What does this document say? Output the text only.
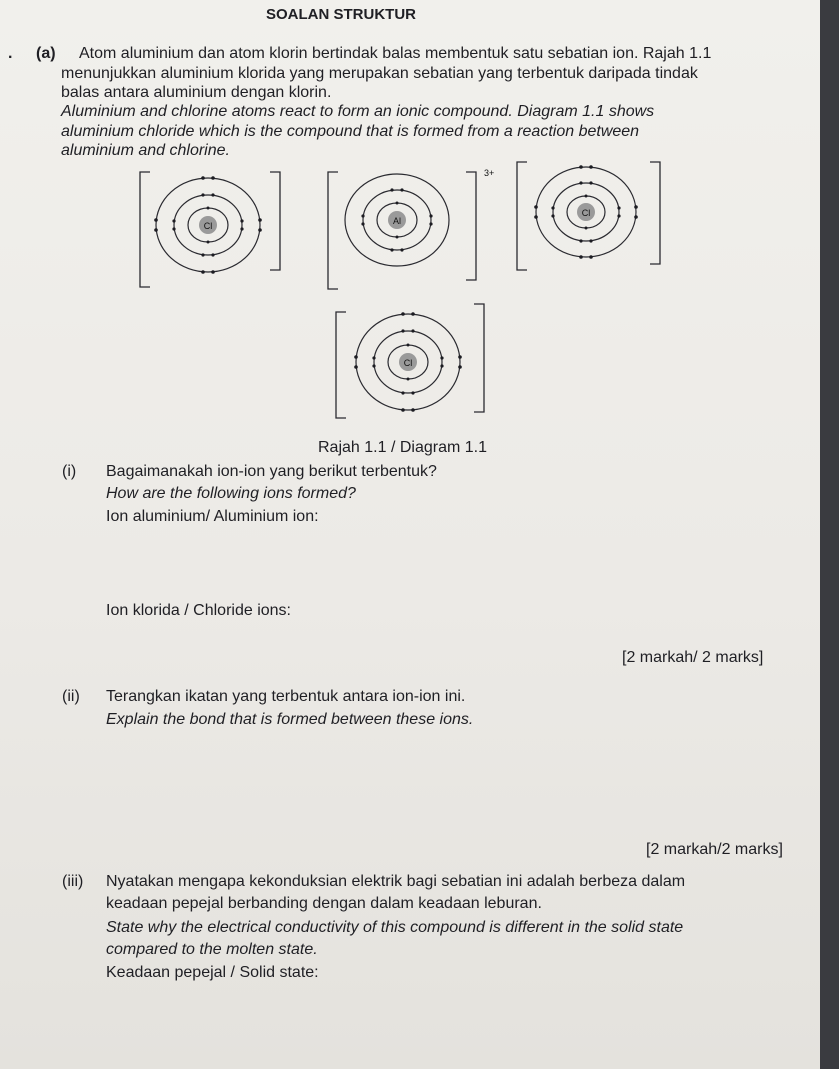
SOALAN STRUKTUR
. (a) Atom aluminium dan atom klorin bertindak balas membentuk satu sebatian ion. Rajah 1.1
menunjukkan aluminium klorida yang merupakan sebatian yang terbentuk daripada tindak
balas antara aluminium dengan klorin.
Aluminium and chlorine atoms react to form an ionic compound. Diagram 1.1 shows
aluminium chloride which is the compound that is formed from a reaction between
aluminium and chlorine.
Cl	Al
3+
Cl
Cl
Rajah 1.1 / Diagram 1.1
(i) Bagaimanakah ion-ion yang berikut terbentuk?
How are the following ions formed?
Ion aluminium/ Aluminium ion:
Ion klorida / Chloride ions:
[2 markah/ 2 marks]
(ii) Terangkan ikatan yang terbentuk antara ion-ion ini.
Explain the bond that is formed between these ions.
[2 markah/2 marks]
(iii) Nyatakan mengapa kekonduksian elektrik bagi sebatian ini adalah berbeza dalam
keadaan pepejal berbanding dengan dalam keadaan leburan.
State why the electrical conductivity of this compound is different in the solid state
compared to the molten state.
Keadaan pepejal / Solid state:
